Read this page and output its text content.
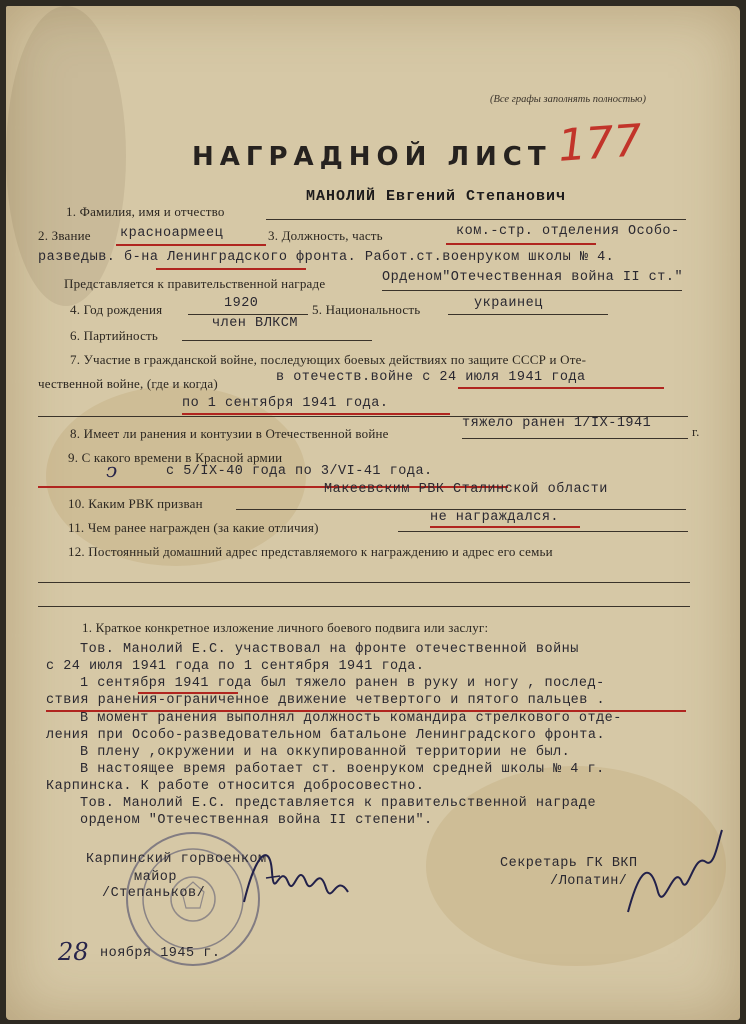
(Все графы заполнять полностью)
НАГРАДНОЙ ЛИСТ 177
1. Фамилия, имя и отчество
МАНОЛИЙ Евгений Степанович
2. Звание красноармеец	3. Должность, часть	ком.-стр. отделения Особо-
разведыв. б-на Ленинградского фронта. Работ.ст.военруком школы № 4.
Представляется к правительственной награде	Орденом"Отечественная война II ст."
4. Год рождения	1920	5. Национальность	украинец
6. Партийность
член ВЛКСМ
7. Участие в гражданской войне, последующих боевых действиях по защите СССР и Оте-
чественной войне, (где и когда)	в отечеств.войне с 24 июля 1941 года
по 1 сентября 1941 года.
8. Имеет ли ранения и контузии в Отечественной войне
тяжело ранен 1/IX-1941
г.
9. С какого времени в Красной армии
ↄ	с 5/IX-40 года по 3/VI-41 года.
10. Каким РВК призван
Макеевским РВК Сталинской области
11. Чем ранее награжден (за какие отличия)
не награждался.
12. Постоянный домашний адрес представляемого к награждению и адрес его семьи
1. Краткое конкретное изложение личного боевого подвига или заслуг:
Тов. Манолий Е.С. участвовал на фронте отечественной войны
с 24 июля 1941 года по 1 сентября 1941 года.
1 сентября 1941 года был тяжело ранен в руку и ногу , послед-
ствия ранения-ограниченное движение четвертого и пятого пальцев .
В момент ранения выполнял должность командира стрелкового отде-
ления при Особо-разведовательном батальоне Ленинградского фронта.
В плену ,окружении и на оккупированной территории не был.
В настоящее время работает ст. военруком средней школы № 4 г.
Карпинска. К работе относится добросовестно.
Тов. Манолий Е.С. представляется к правительственной награде
орденом "Отечественная война II степени".
Карпинский горвоенком
майор
/Степаньков/
Секретарь ГК ВКП
/Лопатин/
28 ноября 1945 г.
